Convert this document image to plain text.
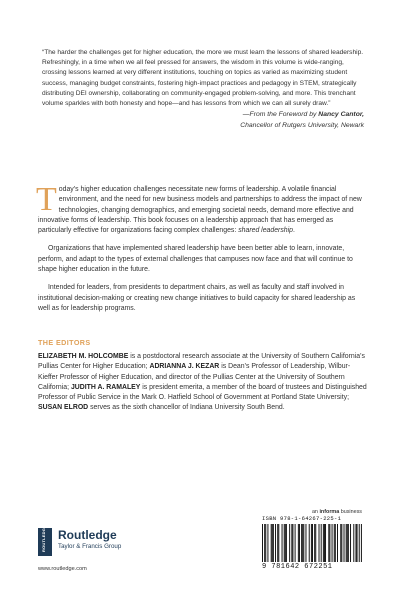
“The harder the challenges get for higher education, the more we must learn the lessons of shared leadership. Refreshingly, in a time when we all feel pressed for answers, the wisdom in this volume is wide-ranging, crossing lessons learned at very different institutions, touching on topics as varied as maximizing student success, managing budget constraints, fostering high-impact practices and pedagogy in STEM, strategically distributing DEI ownership, collaborating on community-engaged problem-solving, and more. This trenchant volume sparkles with both honesty and hope—and has lessons from which we can all surely draw.”
—From the Foreword by Nancy Cantor,
Chancellor of Rutgers University, Newark

Today’s higher education challenges necessitate new forms of leadership. A volatile financial environment, and the need for new business models and partnerships to address the impact of new technologies, changing demographics, and emerging societal needs, demand more effective and innovative forms of leadership. This book focuses on a leadership approach that has emerged as particularly effective for organizations facing complex challenges: shared leadership.

Organizations that have implemented shared leadership have been better able to learn, innovate, perform, and adapt to the types of external challenges that campuses now face and that will continue to shape higher education in the future.

Intended for leaders, from presidents to department chairs, as well as faculty and staff involved in institutional decision-making or creating new change initiatives to build capacity for shared leadership as well as for leadership programs.

THE EDITORS
ELIZABETH M. HOLCOMBE is a postdoctoral research associate at the University of Southern California’s Pullias Center for Higher Education; ADRIANNA J. KEZAR is Dean’s Professor of Leadership, Wilbur-Kieffer Professor of Higher Education, and director of the Pullias Center at the University of Southern California; JUDITH A. RAMALEY is president emerita, a member of the board of trustees and Distinguished Professor of Public Service in the Mark O. Hatfield School of Government at Portland State University; SUSAN ELROD serves as the sixth chancellor of Indiana University South Bend.
ROUTLEDGE Routledge
Taylor & Francis Group
www.routledge.com
an informa business
ISBN 978-1-64267-225-1
9 781642 672251
